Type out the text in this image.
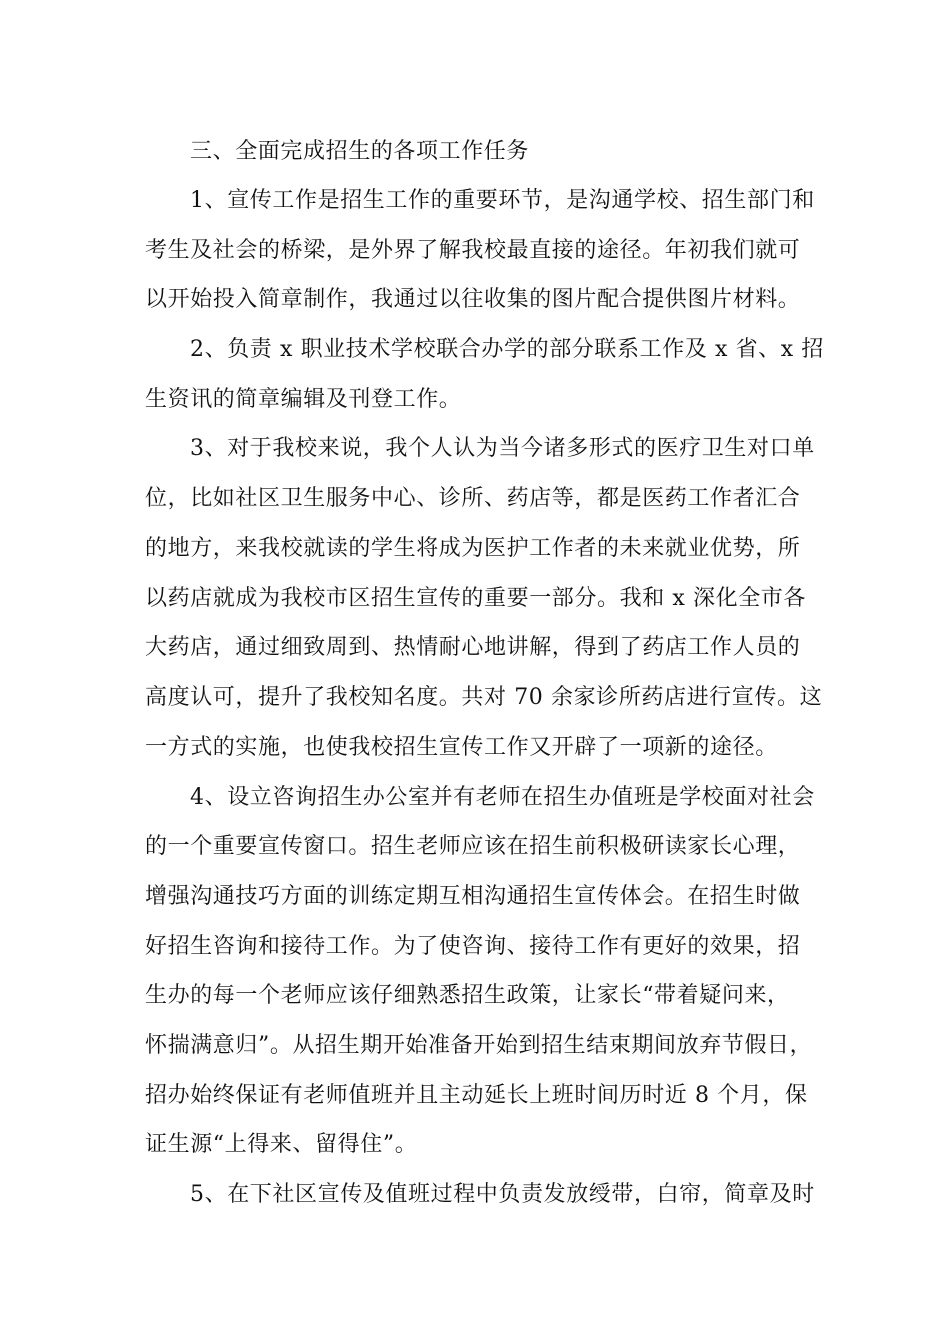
三、全面完成招生的各项工作任务
1、宣传工作是招生工作的重要环节，是沟通学校、招生部门和
考生及社会的桥梁，是外界了解我校最直接的途径。年初我们就可
以开始投入简章制作，我通过以往收集的图片配合提供图片材料。
2、负责 x 职业技术学校联合办学的部分联系工作及 x 省、x 招
生资讯的简章编辑及刊登工作。
3、对于我校来说，我个人认为当今诸多形式的医疗卫生对口单
位，比如社区卫生服务中心、诊所、药店等，都是医药工作者汇合
的地方，来我校就读的学生将成为医护工作者的未来就业优势，所
以药店就成为我校市区招生宣传的重要一部分。我和 x 深化全市各
大药店，通过细致周到、热情耐心地讲解，得到了药店工作人员的
高度认可，提升了我校知名度。共对 70 余家诊所药店进行宣传。这
一方式的实施，也使我校招生宣传工作又开辟了一项新的途径。
4、设立咨询招生办公室并有老师在招生办值班是学校面对社会
的一个重要宣传窗口。招生老师应该在招生前积极研读家长心理，
增强沟通技巧方面的训练定期互相沟通招生宣传体会。在招生时做
好招生咨询和接待工作。为了使咨询、接待工作有更好的效果，招
生办的每一个老师应该仔细熟悉招生政策，让家长“带着疑问来，
怀揣满意归”。从招生期开始准备开始到招生结束期间放弃节假日，
招办始终保证有老师值班并且主动延长上班时间历时近 8 个月，保
证生源“上得来、留得住”。
5、在下社区宣传及值班过程中负责发放绶带，白帘，简章及时
